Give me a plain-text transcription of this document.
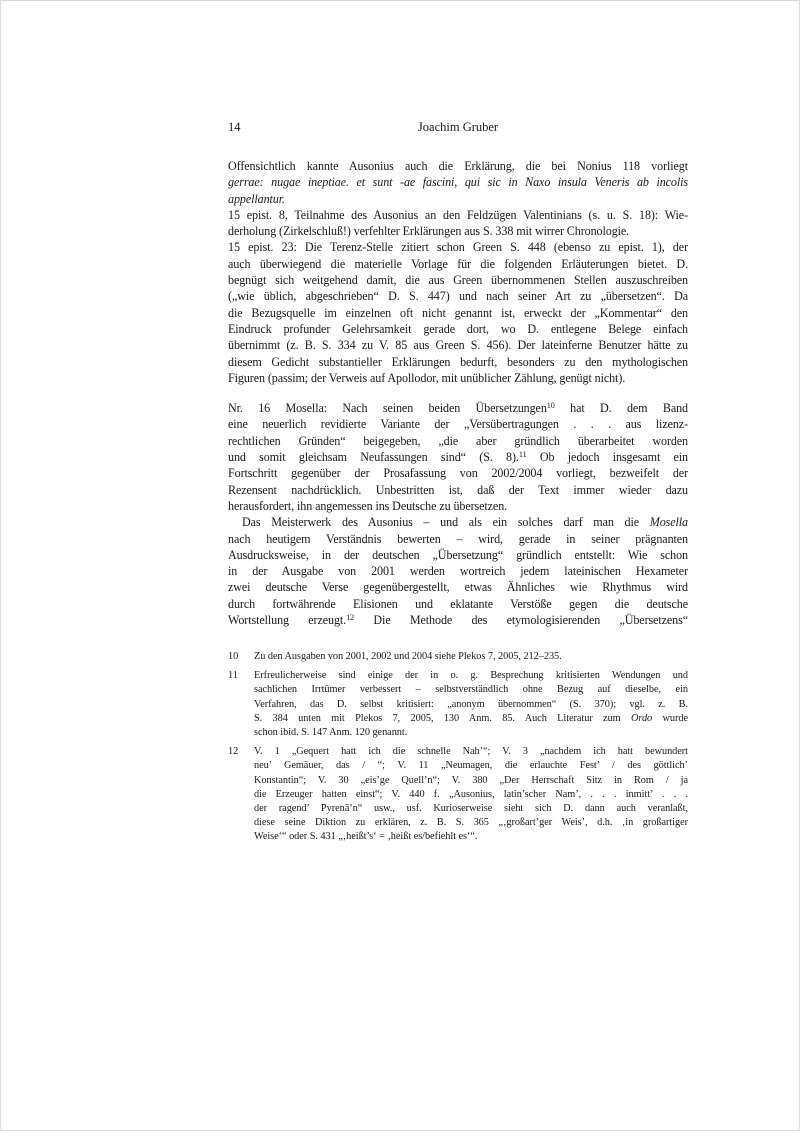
14	Joachim Gruber
Offensichtlich kannte Ausonius auch die Erklärung, die bei Nonius 118 vorliegt
gerrae: nugae ineptiae. et sunt -ae fascini, qui sic in Naxo insula Veneris ab incolis
appellantur.
15 epist. 8, Teilnahme des Ausonius an den Feldzügen Valentinians (s. u. S. 18): Wie-
derholung (Zirkelschluß!) verfehlter Erklärungen aus S. 338 mit wirrer Chronologie.
15 epist. 23: Die Terenz-Stelle zitiert schon Green S. 448 (ebenso zu epist. 1), der
auch überwiegend die materielle Vorlage für die folgenden Erläuterungen bietet. D.
begnügt sich weitgehend damit, die aus Green übernommenen Stellen auszuschreiben
(„wie üblich, abgeschrieben“ D. S. 447) und nach seiner Art zu „übersetzen“. Da
die Bezugsquelle im einzelnen oft nicht genannt ist, erweckt der „Kommentar“ den
Eindruck profunder Gelehrsamkeit gerade dort, wo D. entlegene Belege einfach
übernimmt (z. B. S. 334 zu V. 85 aus Green S. 456). Der lateinferne Benutzer hätte zu
diesem Gedicht substantieller Erklärungen bedurft, besonders zu den mythologischen
Figuren (passim; der Verweis auf Apollodor, mit unüblicher Zählung, genügt nicht).
Nr. 16 Mosella: Nach seinen beiden Übersetzungen$^{10}$ hat D. dem Band
eine neuerlich revidierte Variante der „Versübertragungen . . . aus lizenz-
rechtlichen Gründen“ beigegeben, „die aber gründlich überarbeitet worden
und somit gleichsam Neufassungen sind“ (S. 8).$^{11}$ Ob jedoch insgesamt ein
Fortschritt gegenüber der Prosafassung von 2002/2004 vorliegt, bezweifelt der
Rezensent nachdrücklich. Unbestritten ist, daß der Text immer wieder dazu
herausfordert, ihn angemessen ins Deutsche zu übersetzen.
Das Meisterwerk des Ausonius – und als ein solches darf man die Mosella
nach heutigem Verständnis bewerten – wird, gerade in seiner prägnanten
Ausdrucksweise, in der deutschen „Übersetzung“ gründlich entstellt: Wie schon
in der Ausgabe von 2001 werden wortreich jedem lateinischen Hexameter
zwei deutsche Verse gegenübergestellt, etwas Ähnliches wie Rhythmus wird
durch fortwährende Elisionen und eklatante Verstöße gegen die deutsche
Wortstellung erzeugt.$^{12}$ Die Methode des etymologisierenden „Übersetzens“
10	Zu den Ausgaben von 2001, 2002 und 2004 siehe Plekos 7, 2005, 212–235.
11	Erfreulicherweise sind einige der in o. g. Besprechung kritisierten Wendungen und
sachlichen Irrtümer verbessert – selbstverständlich ohne Bezug auf dieselbe, ein
Verfahren, das D. selbst kritisiert: „anonym übernommen“ (S. 370); vgl. z. B.
S. 384 unten mit Plekos 7, 2005, 130 Anm. 85. Auch Literatur zum Ordo wurde
schon ibid. S. 147 Anm. 120 genannt.
12	V. 1 „Gequert hatt ich die schnelle Nah’“; V. 3 „nachdem ich hatt bewundert
neu’ Gemäuer, das / “; V. 11 „Neumagen, die erlauchte Fest’ / des göttlich’
Konstantin“; V. 30 „eis’ge Quell’n“; V. 380 „Der Herrschaft Sitz in Rom / ja
die Erzeuger hatten einst“; V. 440 f. „Ausonius, latin’scher Nam’, . . . inmitt’ . . .
der ragend’ Pyrenä’n“ usw., usf. Kurioserweise sieht sich D. dann auch veranlaßt,
diese seine Diktion zu erklären, z. B. S. 365 „‚großart’ger Weis’, d.h. ‚in großartiger
Weise‘“ oder S. 431 „‚heißt’s‘ = ‚heißt es/befiehlt es‘“.
